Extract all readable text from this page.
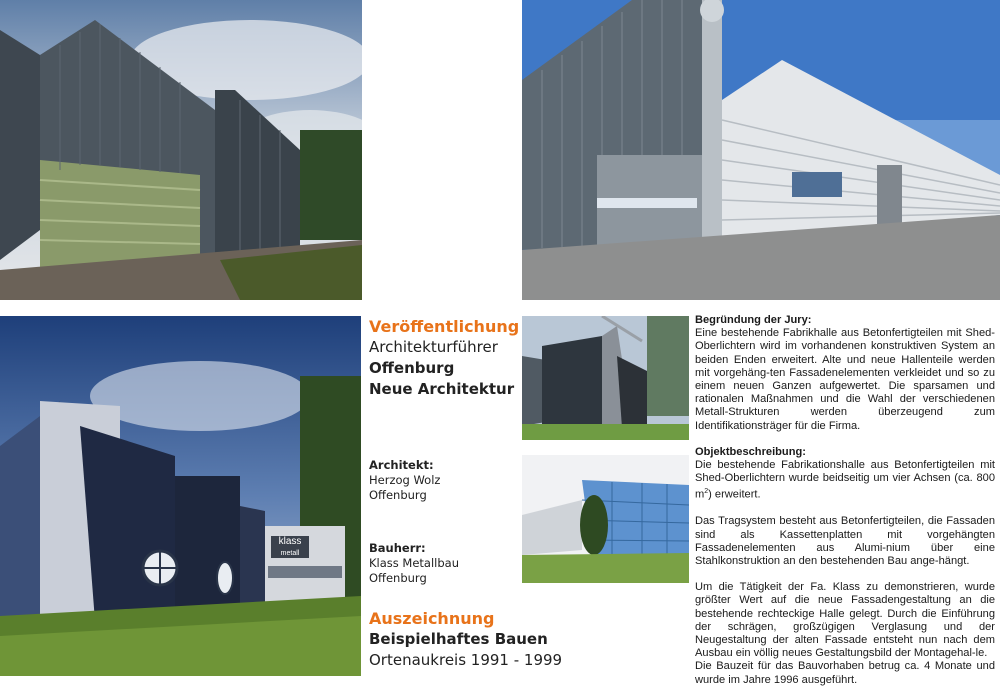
klass
metall
Veröffentlichung
Architekturführer
Offenburg
Neue Architektur
Architekt:
Herzog Wolz
Offenburg
Bauherr:
Klass Metallbau
Offenburg
Auszeichnung
Beispielhaftes Bauen
Ortenaukreis 1991 - 1999

Begründung der Jury:

Eine bestehende Fabrikhalle aus Betonfertigteilen mit Shed-Oberlichtern wird im vorhandenen konstruktiven System an beiden Enden erweitert. Alte und neue Hallenteile werden mit vorgehäng-ten Fassadenelementen verkleidet und so zu einem neuen Ganzen aufgewertet. Die sparsamen und rationalen Maßnahmen und die Wahl der verschiedenen Metall-Strukturen werden überzeugend zum Identifikationsträger für die Firma.

Objektbeschreibung:

Die bestehende Fabrikationshalle aus Betonfertigteilen mit Shed-Oberlichtern wurde beidseitig um vier Achsen (ca. 800 $m^2$) erweitert.

Das Tragsystem besteht aus Betonfertigteilen, die Fassaden sind als Kassettenplatten mit vorgehängten Fassadenelementen aus Alumi-nium über eine Stahlkonstruktion an den bestehenden Bau ange-hängt.

Um die Tätigkeit der Fa. Klass zu demonstrieren, wurde größter Wert auf die neue Fassadengestaltung an die bestehende rechteckige Halle gelegt. Durch die Einführung der schrägen, großzügigen Verglasung und der Neugestaltung der alten Fassade entsteht nun nach dem Ausbau ein völlig neues Gestaltungsbild der Montagehal-le.

Die Bauzeit für das Bauvorhaben betrug ca. 4 Monate und wurde im Jahre 1996 ausgeführt.
